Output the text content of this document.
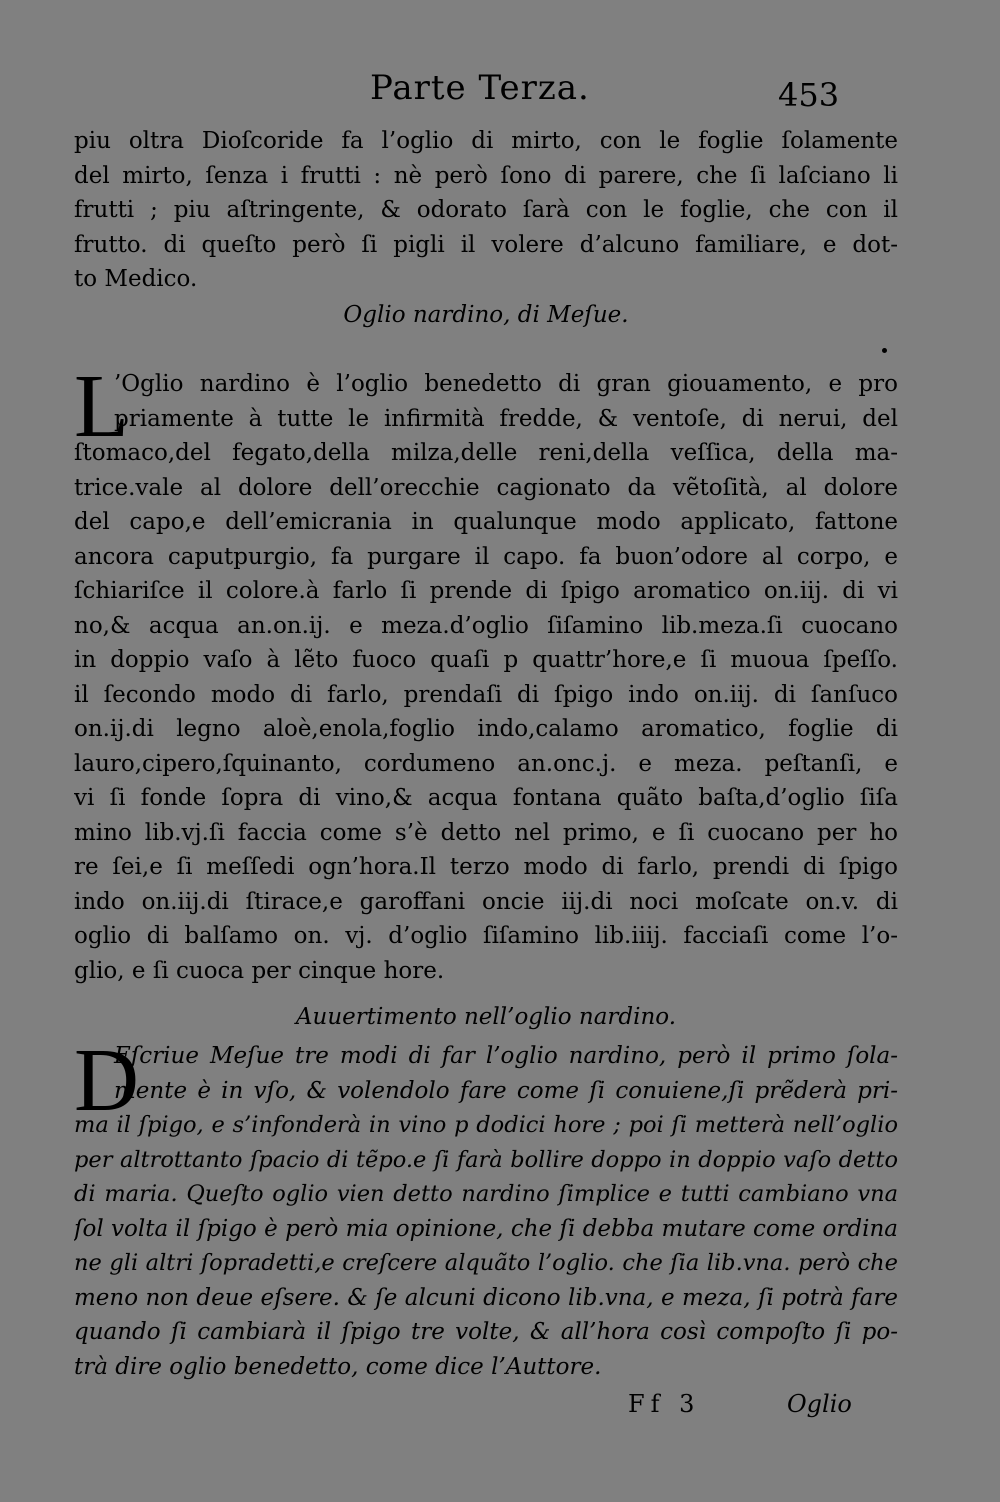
Parte Terza.	453
piu oltra Dioſcoride fa l’oglio di mirto, con le foglie ſolamente
del mirto, ſenza i frutti : nè però ſono di parere, che ſi laſciano li
frutti ; piu aſtringente, & odorato ſarà con le foglie, che con il
frutto. di queſto però ſi pigli il volere d’alcuno familiare, e dot-
to Medico.
Oglio nardino, di Meſue.
L
’Oglio nardino è l’oglio benedetto di gran giouamento, e pro
priamente à tutte le infirmità fredde, & ventoſe, di nerui, del
ſtomaco,del fegato,della milza,delle reni,della veſſica, della ma-
trice.vale al dolore dell’orecchie cagionato da vẽtoſità, al dolore
del capo,e dell’emicrania in qualunque modo applicato, fattone
ancora caputpurgio, fa purgare il capo. fa buon’odore al corpo, e
ſchiariſce il colore.à farlo ſi prende di ſpigo aromatico on.iij. di vi
no,& acqua an.on.ij. e meza.d’oglio ſiſamino lib.meza.ſi cuocano
in doppio vaſo à lẽto fuoco quaſi p quattr’hore,e ſi muoua ſpeſſo.
il ſecondo modo di farlo, prendaſi di ſpigo indo on.iij. di ſanſuco
on.ij.di legno aloè,enola,foglio indo,calamo aromatico, foglie di
lauro,cipero,ſquinanto, cordumeno an.onc.j. e meza. peſtanſi, e
vi ſi fonde ſopra di vino,& acqua fontana quãto baſta,d’oglio ſiſa
mino lib.vj.ſi faccia come s’è detto nel primo, e ſi cuocano per ho
re ſei,e ſi meſſedi ogn’hora.Il terzo modo di farlo, prendi di ſpigo
indo on.iij.di ſtirace,e garoffani oncie iij.di noci moſcate on.v. di
oglio di balſamo on. vj. d’oglio ſiſamino lib.iiij. facciaſi come l’o-
glio, e ſi cuoca per cinque hore.
Auuertimento nell’oglio nardino.
D
Eſcriue Meſue tre modi di far l’oglio nardino, però il primo ſola-
mente è in vſo, & volendolo fare come ſi conuiene,ſi prẽderà pri-
ma il ſpigo, e s’infonderà in vino p dodici hore ; poi ſi metterà nell’oglio
per altrottanto ſpacio di tẽpo.e ſi farà bollire doppo in doppio vaſo detto
di maria. Queſto oglio vien detto nardino ſimplice e tutti cambiano vna
ſol volta il ſpigo è però mia opinione, che ſi debba mutare come ordina
ne gli altri ſopradetti,e creſcere alquãto l’oglio. che ſia lib.vna. però che
meno non deue eſsere. & ſe alcuni dicono lib.vna, e meza, ſi potrà fare
quando ſi cambiarà il ſpigo tre volte, & all’hora così compoſto ſi po-
trà dire oglio benedetto, come dice l’Auttore.
Ff 3	Oglio
